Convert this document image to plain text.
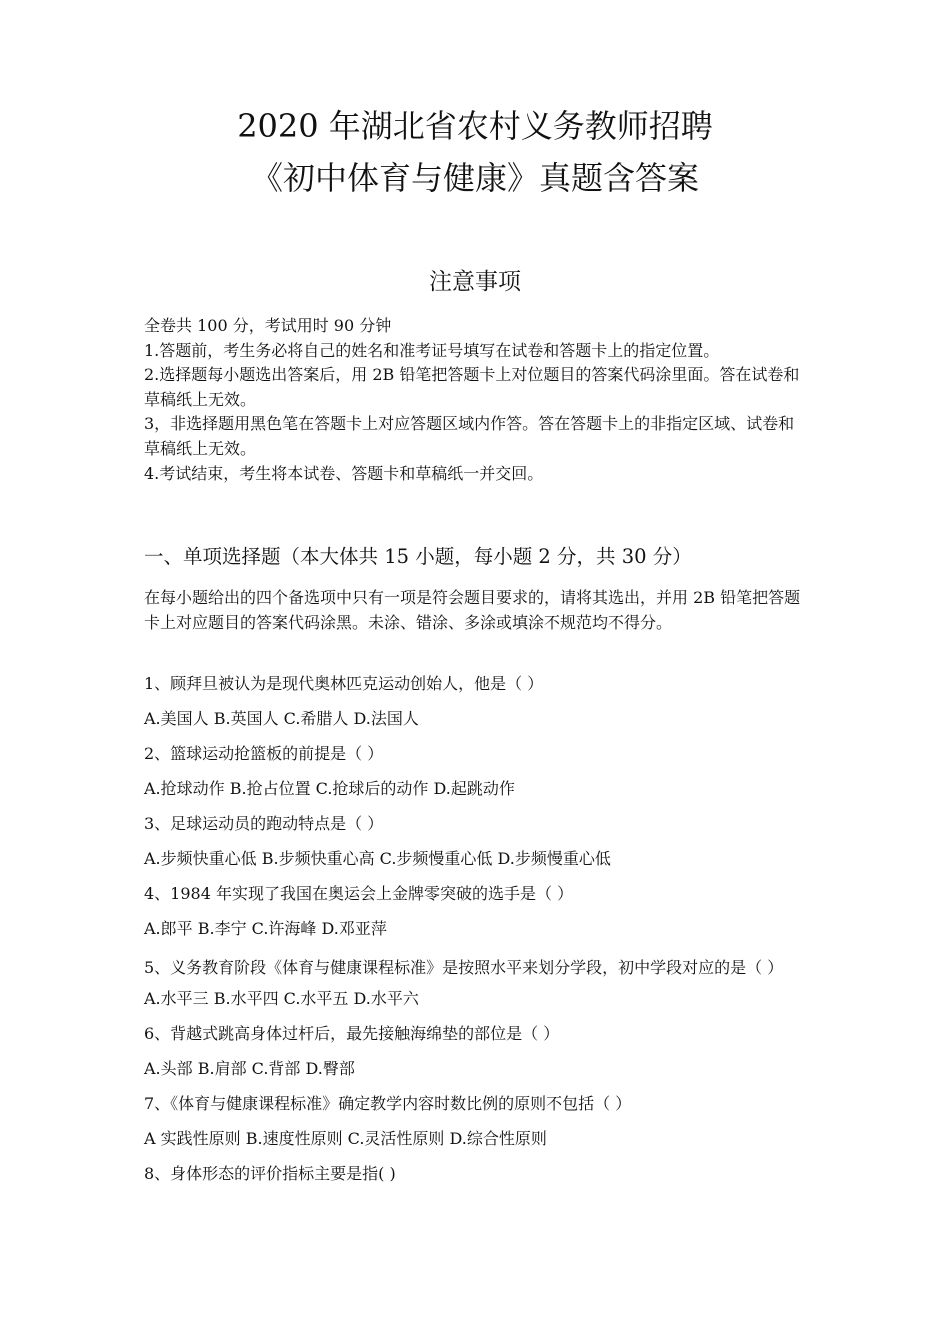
2020 年湖北省农村义务教师招聘
《初中体育与健康》真题含答案
注意事项

全卷共 100 分，考试用时 90 分钟

1.答题前，考生务必将自己的姓名和准考证号填写在试卷和答题卡上的指定位置。

2.选择题每小题选出答案后，用 2B 铅笔把答题卡上对位题目的答案代码涂里面。答在试卷和草稿纸上无效。

3，非选择题用黑色笔在答题卡上对应答题区域内作答。答在答题卡上的非指定区域、试卷和草稿纸上无效。

4.考试结束，考生将本试卷、答题卡和草稿纸一并交回。

一、单项选择题（本大体共 15 小题，每小题 2 分，共 30 分）

在每小题给出的四个备选项中只有一项是符会题目要求的，请将其选出，并用 2B 铅笔把答题卡上对应题目的答案代码涂黑。未涂、错涂、多涂或填涂不规范均不得分。

1、顾拜旦被认为是现代奥林匹克运动创始人，他是（ ）
A.美国人 B.英国人 C.希腊人 D.法国人
2、篮球运动抢篮板的前提是（ ）
A.抢球动作 B.抢占位置 C.抢球后的动作 D.起跳动作
3、足球运动员的跑动特点是（ ）
A.步频快重心低 B.步频快重心高 C.步频慢重心低 D.步频慢重心低
4、1984 年实现了我国在奥运会上金牌零突破的选手是（ ）
A.郎平 B.李宁 C.许海峰 D.邓亚萍
5、义务教育阶段《体育与健康课程标准》是按照水平来划分学段，初中学段对应的是（ ）
A.水平三 B.水平四 C.水平五 D.水平六
6、背越式跳高身体过杆后，最先接触海绵垫的部位是（ ）
A.头部 B.肩部 C.背部 D.臀部
7、《体育与健康课程标准》确定教学内容时数比例的原则不包括（ ）
A 实践性原则 B.速度性原则 C.灵活性原则 D.综合性原则
8、身体形态的评价指标主要是指( )
